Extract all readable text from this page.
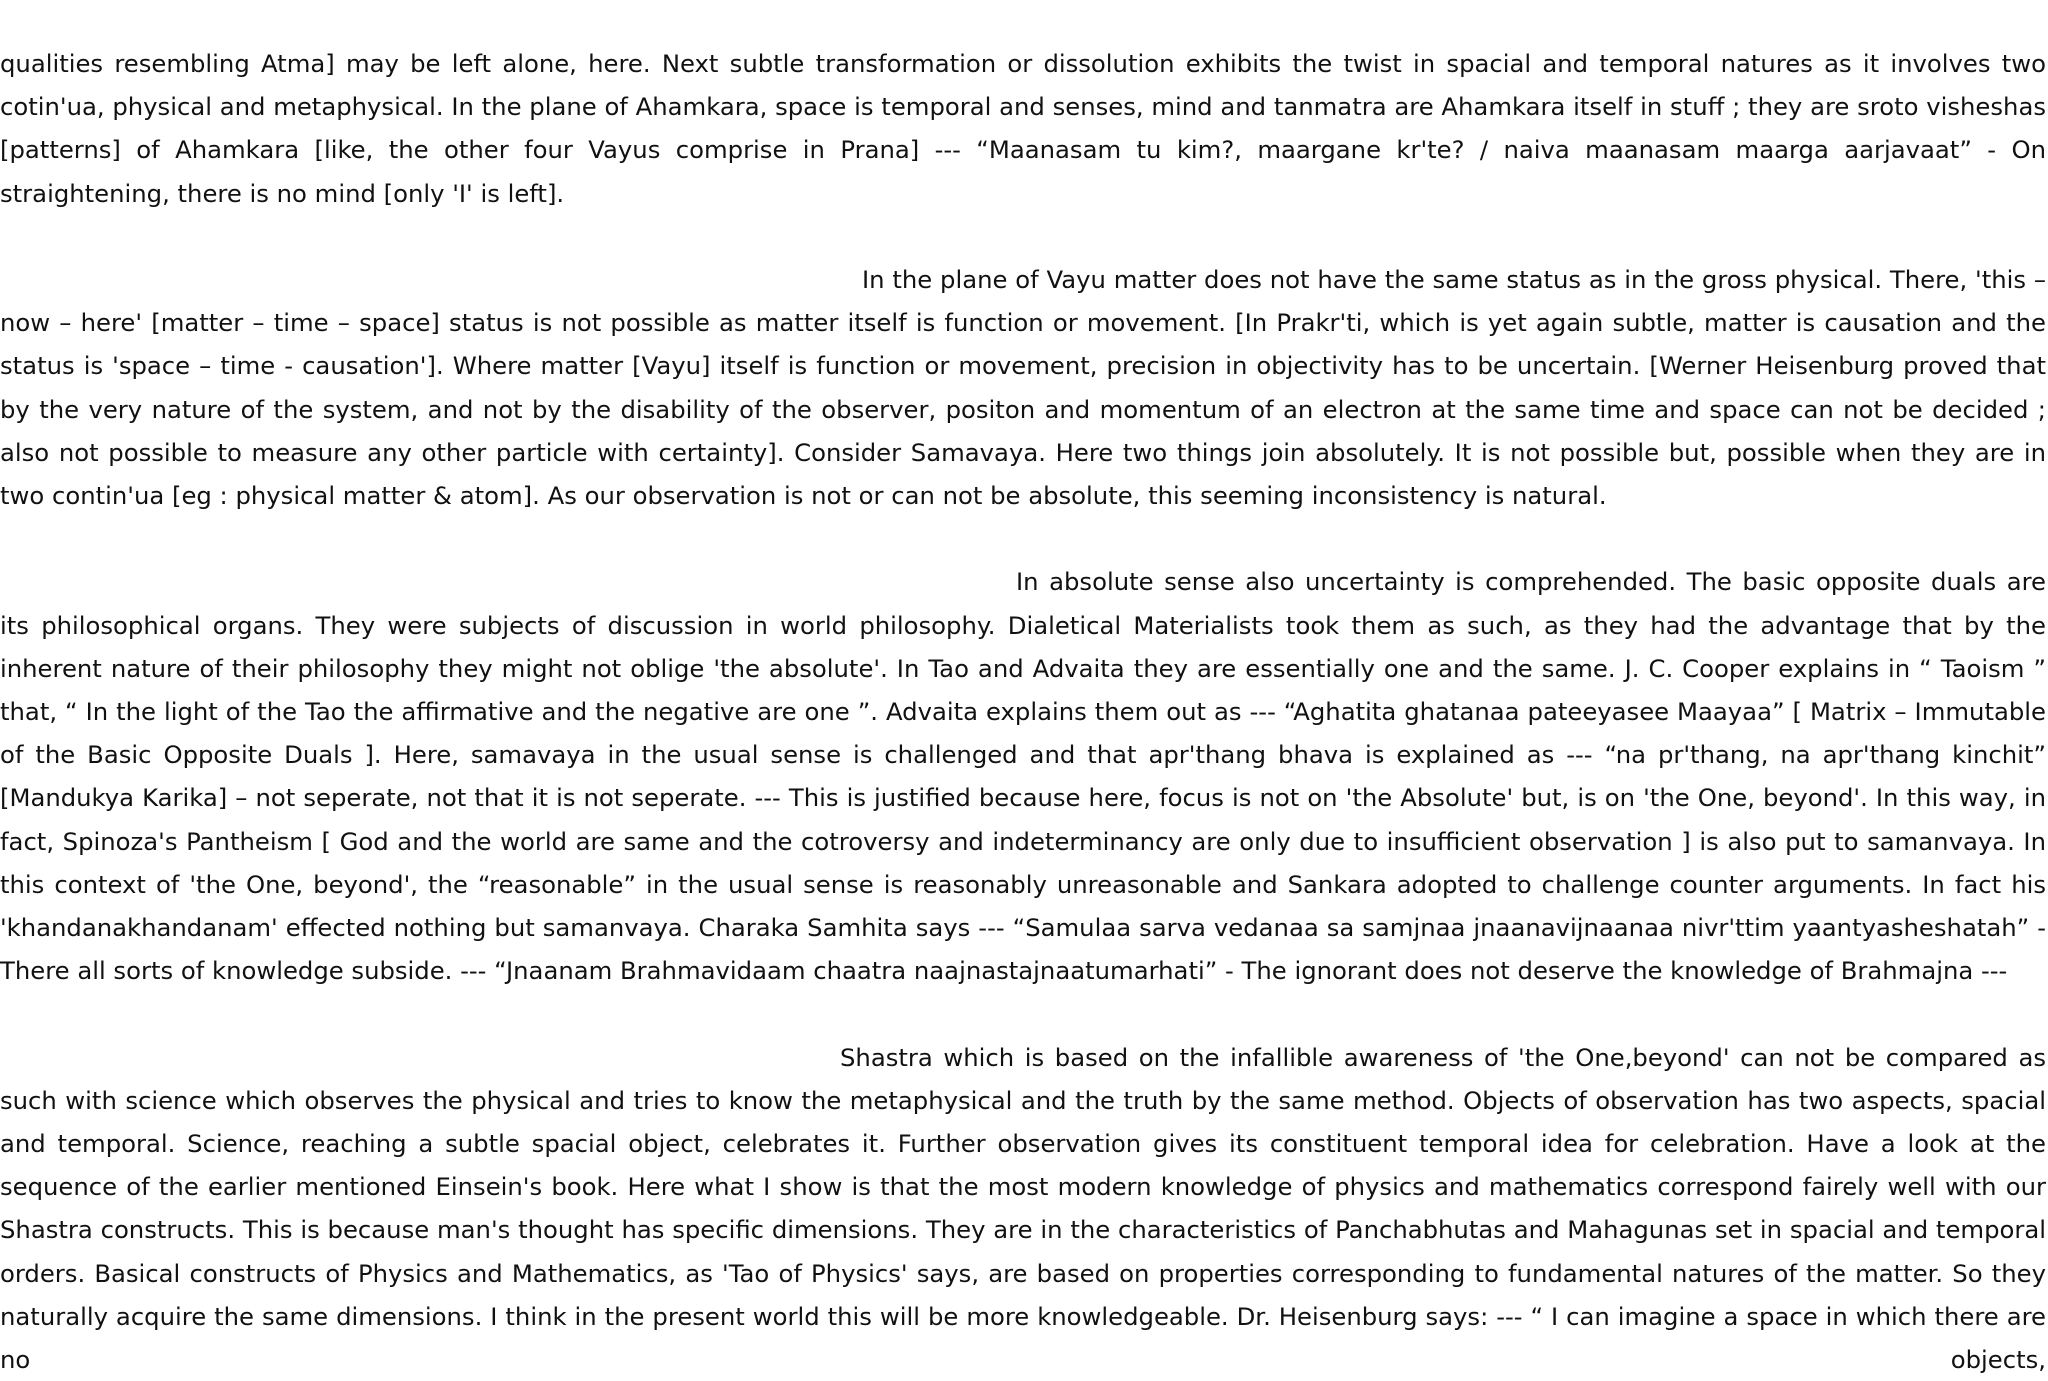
qualities resembling Atma] may be left alone, here. Next subtle transformation or dissolution exhibits the twist in spacial and temporal natures as it involves two cotin'ua, physical and metaphysical. In the plane of Ahamkara, space is temporal and senses, mind and tanmatra are Ahamkara itself in stuff ; they are sroto visheshas [patterns] of Ahamkara [like, the other four Vayus comprise in Prana] --- “Maanasam tu kim?, maargane kr'te? / naiva maanasam maarga aarjavaat” - On straightening, there is no mind [only 'I' is left].

In the plane of Vayu matter does not have the same status as in the gross physical. There, 'this – now – here' [matter – time – space] status is not possible as matter itself is function or movement. [In Prakr'ti, which is yet again subtle, matter is causation and the status is 'space – time - causation']. Where matter [Vayu] itself is function or movement, precision in objectivity has to be uncertain. [Werner Heisenburg proved that by the very nature of the system, and not by the disability of the observer, positon and momentum of an electron at the same time and space can not be decided ; also not possible to measure any other particle with certainty]. Consider Samavaya. Here two things join absolutely. It is not possible but, possible when they are in two contin'ua [eg : physical matter & atom]. As our observation is not or can not be absolute, this seeming inconsistency is natural.

In absolute sense also uncertainty is comprehended. The basic opposite duals are its philosophical organs. They were subjects of discussion in world philosophy. Dialetical Materialists took them as such, as they had the advantage that by the inherent nature of their philosophy they might not oblige 'the absolute'. In Tao and Advaita they are essentially one and the same. J. C. Cooper explains in “ Taoism ” that, “ In the light of the Tao the affirmative and the negative are one ”. Advaita explains them out as --- “Aghatita ghatanaa pateeyasee Maayaa” [ Matrix – Immutable of the Basic Opposite Duals ]. Here, samavaya in the usual sense is challenged and that apr'thang bhava is explained as --- “na pr'thang, na apr'thang kinchit” [Mandukya Karika] – not seperate, not that it is not seperate. --- This is justified because here, focus is not on 'the Absolute' but, is on 'the One, beyond'. In this way, in fact, Spinoza's Pantheism [ God and the world are same and the cotroversy and indeterminancy are only due to insufficient observation ] is also put to samanvaya. In this context of 'the One, beyond', the “reasonable” in the usual sense is reasonably unreasonable and Sankara adopted to challenge counter arguments. In fact his 'khandanakhandanam' effected nothing but samanvaya. Charaka Samhita says --- “Samulaa sarva vedanaa sa samjnaa jnaanavijnaanaa nivr'ttim yaantyasheshatah” - There all sorts of knowledge subside. --- “Jnaanam Brahmavidaam chaatra naajnastajnaatumarhati” - The ignorant does not deserve the knowledge of Brahmajna ---

Shastra which is based on the infallible awareness of 'the One,beyond' can not be compared as such with science which observes the physical and tries to know the metaphysical and the truth by the same method. Objects of observation has two aspects, spacial and temporal. Science, reaching a subtle spacial object, celebrates it. Further observation gives its constituent temporal idea for celebration. Have a look at the sequence of the earlier mentioned Einsein's book. Here what I show is that the most modern knowledge of physics and mathematics correspond fairely well with our Shastra constructs. This is because man's thought has specific dimensions. They are in the characteristics of Panchabhutas and Mahagunas set in spacial and temporal orders. Basical constructs of Physics and Mathematics, as 'Tao of Physics' says, are based on properties corresponding to fundamental natures of the matter. So they naturally acquire the same dimensions. I think in the present world this will be more knowledgeable. Dr. Heisenburg says: --- “ I can imagine a space in which there are no objects,
